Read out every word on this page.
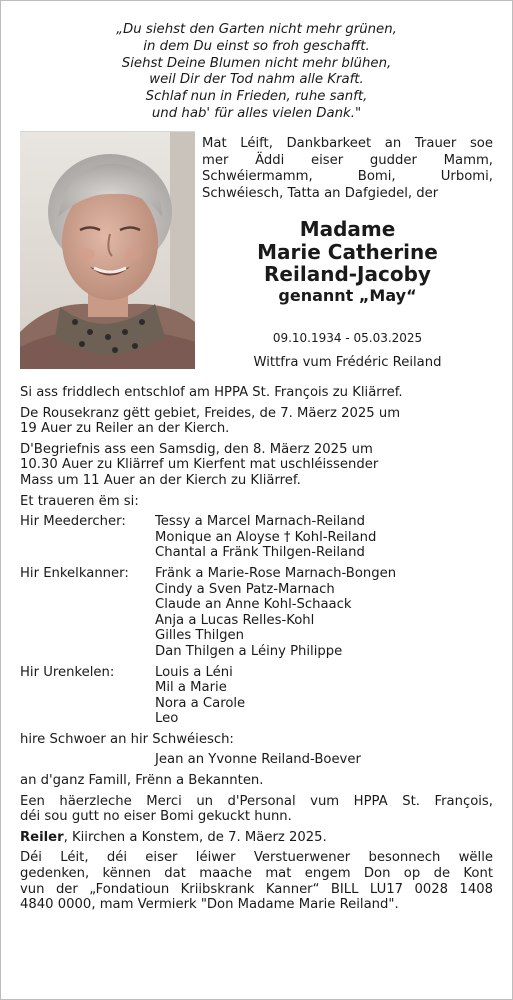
„Du siehst den Garten nicht mehr grünen,
in dem Du einst so froh geschafft.
Siehst Deine Blumen nicht mehr blühen,
weil Dir der Tod nahm alle Kraft.
Schlaf nun in Frieden, ruhe sanft,
und hab' für alles vielen Dank."
Mat Léift, Dankbarkeet an Trauer soe
mer Äddi eiser gudder Mamm,
Schwéiermamm, Bomi, Urbomi,
Schwéiesch, Tatta an Dafgiedel, der
Madame
Marie Catherine
Reiland-Jacoby
genannt „May“
09.10.1934 - 05.03.2025
Wittfra vum Frédéric Reiland

Si ass friddlech entschlof am HPPA St. François zu Kliärref.

De Rousekranz gëtt gebiet, Freides, de 7. Mäerz 2025 um
19 Auer zu Reiler an der Kierch.

D'Begriefnis ass een Samsdig, den 8. Mäerz 2025 um
10.30 Auer zu Kliärref um Kierfent mat uschléissender
Mass um 11 Auer an der Kierch zu Kliärref.

Et traueren ëm si:

Hir Meedercher:	Tessy a Marcel Marnach-Reiland
Monique an Aloyse † Kohl-Reiland
Chantal a Fränk Thilgen-Reiland
Hir Enkelkanner:	Fränk a Marie-Rose Marnach-Bongen
Cindy a Sven Patz-Marnach
Claude an Anne Kohl-Schaack
Anja a Lucas Relles-Kohl
Gilles Thilgen
Dan Thilgen a Léiny Philippe
Hir Urenkelen:	Louis a Léni
Mil a Marie
Nora a Carole
Leo

hire Schwoer an hir Schwéiesch:

Jean an Yvonne Reiland-Boever

an d'ganz Famill, Frënn a Bekannten.

Een häerzleche Merci un d'Personal vum HPPA St. François,
déi sou gutt no eiser Bomi gekuckt hunn.

Reiler, Kiirchen a Konstem, de 7. Mäerz 2025.

Déi Léit, déi eiser léiwer Verstuerwener besonnech wëlle
gedenken, kënnen dat maache mat engem Don op de Kont
vun der „Fondatioun Kriibskrank Kanner“ BILL LU17 0028 1408
4840 0000, mam Vermierk "Don Madame Marie Reiland".
